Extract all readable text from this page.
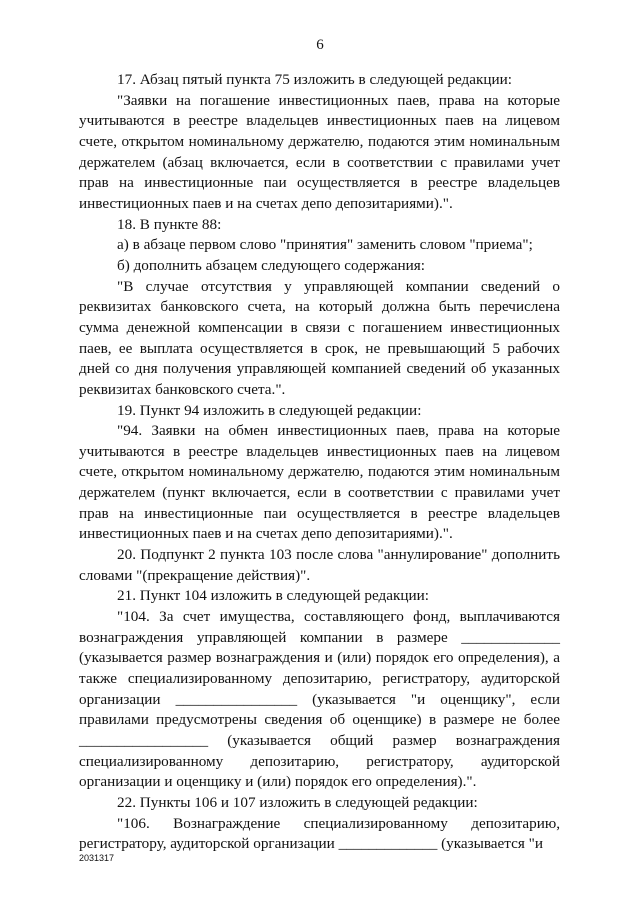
6

17. Абзац пятый пункта 75 изложить в следующей редакции:

"Заявки на погашение инвестиционных паев, права на которые учитываются в реестре владельцев инвестиционных паев на лицевом счете, открытом номинальному держателю, подаются этим номинальным держателем (абзац включается, если в соответствии с правилами учет прав на инвестиционные паи осуществляется в реестре владельцев инвестиционных паев и на счетах депо депозитариями).".

18. В пункте 88:

а) в абзаце первом слово "принятия" заменить словом "приема";

б) дополнить абзацем следующего содержания:

"В случае отсутствия у управляющей компании сведений о реквизитах банковского счета, на который должна быть перечислена сумма денежной компенсации в связи с погашением инвестиционных паев, ее выплата осуществляется в срок, не превышающий 5 рабочих дней со дня получения управляющей компанией сведений об указанных реквизитах банковского счета.".

19. Пункт 94 изложить в следующей редакции:

"94. Заявки на обмен инвестиционных паев, права на которые учитываются в реестре владельцев инвестиционных паев на лицевом счете, открытом номинальному держателю, подаются этим номинальным держателем (пункт включается, если в соответствии с правилами учет прав на инвестиционные паи осуществляется в реестре владельцев инвестиционных паев и на счетах депо депозитариями).".

20. Подпункт 2 пункта 103 после слова "аннулирование" дополнить словами "(прекращение действия)".

21. Пункт 104 изложить в следующей редакции:

"104. За счет имущества, составляющего фонд, выплачиваются вознаграждения управляющей компании в размере _____________ (указывается размер вознаграждения и (или) порядок его определения), а также специализированному депозитарию, регистратору, аудиторской организации ________________ (указывается "и оценщику", если правилами предусмотрены сведения об оценщике) в размере не более _________________ (указывается общий размер вознаграждения специализированному депозитарию, регистратору, аудиторской организации и оценщику и (или) порядок его определения).".

22. Пункты 106 и 107 изложить в следующей редакции:

"106. Вознаграждение специализированному депозитарию, регистратору, аудиторской организации _____________ (указывается "и

2031317
